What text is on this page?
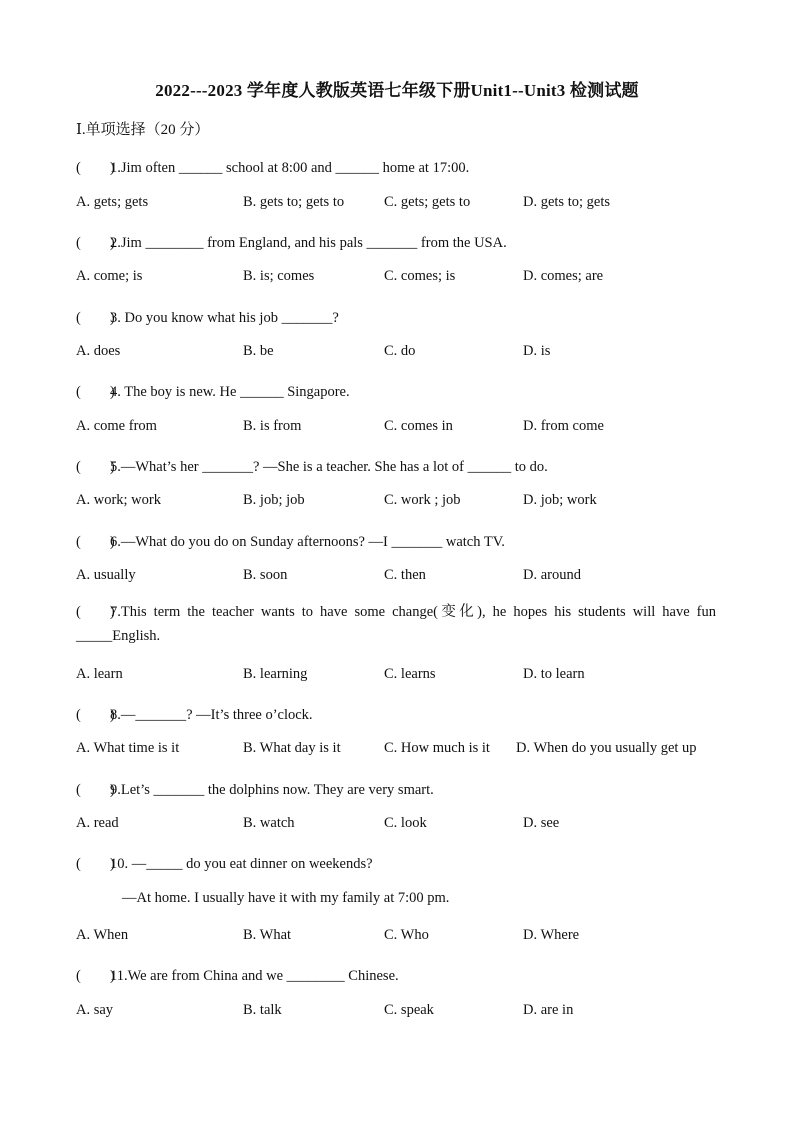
2022---2023 学年度人教版英语七年级下册Unit1--Unit3 检测试题
Ⅰ.单项选择（20 分）
(　　)1.Jim often ______ school at 8:00 and ______ home at 17:00.
A. gets; gets	B. gets to; gets to	C. gets; gets to	D. gets to; gets
(　　)2.Jim ________ from England, and his pals _______ from the USA.
A. come; is	B. is; comes	C. comes; is	D. comes; are
(　　)3. Do you know what his job _______?
A. does	B. be	C. do	D. is
(　　)4. The boy is new. He ______ Singapore.
A. come from	B. is from	C. comes in	D. from come
(　　)5.—What’s her _______? —She is a teacher. She has a lot of ______ to do.
A. work; work	B. job; job	C. work ; job	D. job; work
(　　)6.—What do you do on Sunday afternoons? —I _______ watch TV.
A. usually	B. soon	C. then	D. around
(　　)7.This term the teacher wants to have some change(变化), he hopes his students will have fun _____English.
A. learn	B. learning	C. learns	D. to learn
(　　)8.—_______? —It’s three o’clock.
A. What time is it	B. What day is it	C. How much is it D. When do you usually get up
(　　)9.Let’s _______ the dolphins now. They are very smart.
A. read	B. watch	C. look	D. see
(　　)10. —_____ do you eat dinner on weekends?
—At home. I usually have it with my family at 7:00 pm.
A. When	B. What	C. Who	D. Where
(　　)11.We are from China and we ________ Chinese.
A. say	B. talk	C. speak	D. are in
